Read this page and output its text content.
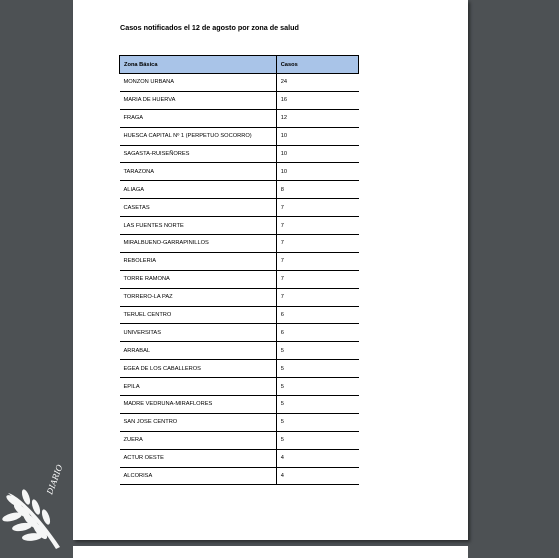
Casos notificados el 12 de agosto por zona de salud
Zona Básica	Casos
MONZON URBANA	24
MARIA DE HUERVA	16
FRAGA	12
HUESCA CAPITAL Nº 1 (PERPETUO SOCORRO)	10
SAGASTA-RUISEÑORES	10
TARAZONA	10
ALIAGA	8
CASETAS	7
LAS FUENTES NORTE	7
MIRALBUENO-GARRAPINILLOS	7
REBOLERIA	7
TORRE RAMONA	7
TORRERO-LA PAZ	7
TERUEL CENTRO	6
UNIVERSITAS	6
ARRABAL	5
EGEA DE LOS CABALLEROS	5
EPILA	5
MADRE VEDRUNA-MIRAFLORES	5
SAN JOSE CENTRO	5
ZUERA	5
ACTUR OESTE	4
ALCORISA	4
DIARIO
